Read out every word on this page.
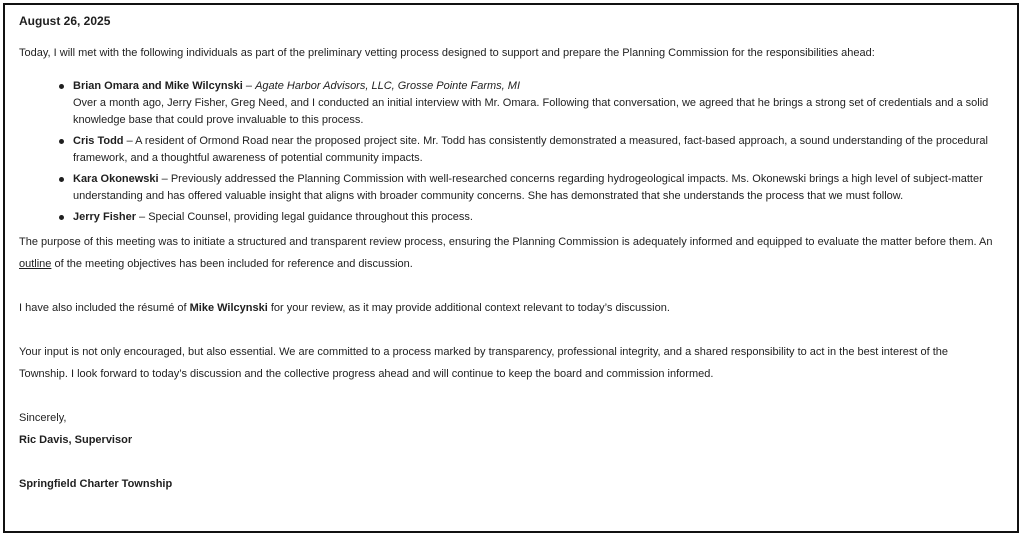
August 26, 2025

Today, I will met with the following individuals as part of the preliminary vetting process designed to support and prepare the Planning Commission for the responsibilities ahead:

Brian Omara and Mike Wilcynski – Agate Harbor Advisors, LLC, Grosse Pointe Farms, MI
Over a month ago, Jerry Fisher, Greg Need, and I conducted an initial interview with Mr. Omara. Following that conversation, we agreed that he brings a strong set of credentials and a solid knowledge base that could prove invaluable to this process.
Cris Todd – A resident of Ormond Road near the proposed project site. Mr. Todd has consistently demonstrated a measured, fact-based approach, a sound understanding of the procedural framework, and a thoughtful awareness of potential community impacts.
Kara Okonewski – Previously addressed the Planning Commission with well-researched concerns regarding hydrogeological impacts. Ms. Okonewski brings a high level of subject-matter understanding and has offered valuable insight that aligns with broader community concerns. She has demonstrated that she understands the process that we must follow.
Jerry Fisher – Special Counsel, providing legal guidance throughout this process.

The purpose of this meeting was to initiate a structured and transparent review process, ensuring the Planning Commission is adequately informed and equipped to evaluate the matter before them. An outline of the meeting objectives has been included for reference and discussion.

I have also included the résumé of Mike Wilcynski for your review, as it may provide additional context relevant to today’s discussion.

Your input is not only encouraged, but also essential. We are committed to a process marked by transparency, professional integrity, and a shared responsibility to act in the best interest of the Township. I look forward to today’s discussion and the collective progress ahead and will continue to keep the board and commission informed.

Sincerely,

Ric Davis, Supervisor

Springfield Charter Township
